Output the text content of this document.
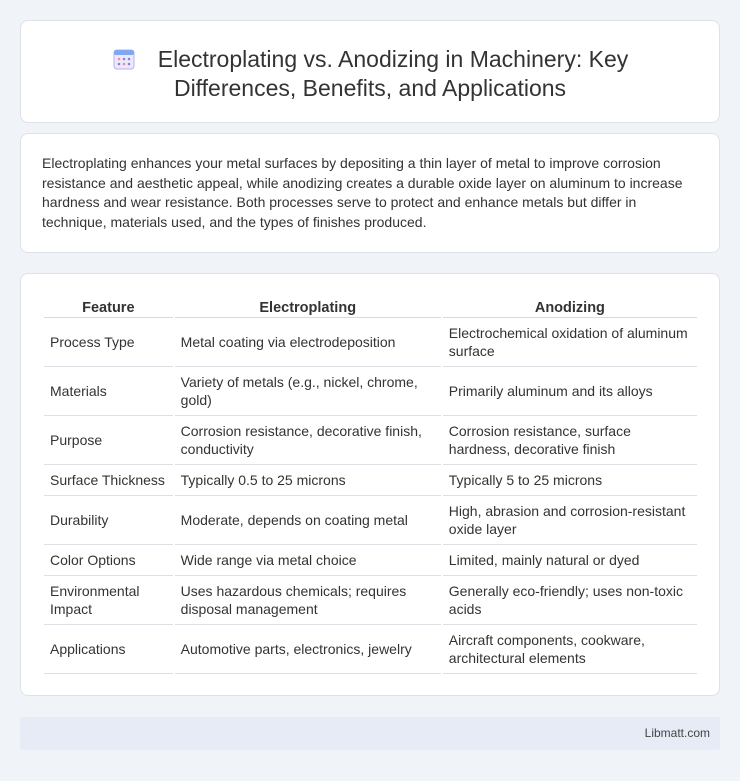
Electroplating vs. Anodizing in Machinery: Key
Differences, Benefits, and Applications

Electroplating enhances your metal surfaces by depositing a thin layer of metal to improve corrosion resistance and aesthetic appeal, while anodizing creates a durable oxide layer on aluminum to increase hardness and wear resistance. Both processes serve to protect and enhance metals but differ in technique, materials used, and the types of finishes produced.

Feature	Electroplating	Anodizing
Process Type	Metal coating via electrodeposition	Electrochemical oxidation of aluminum surface
Materials	Variety of metals (e.g., nickel, chrome, gold)	Primarily aluminum and its alloys
Purpose	Corrosion resistance, decorative finish, conductivity	Corrosion resistance, surface hardness, decorative finish
Surface Thickness	Typically 0.5 to 25 microns	Typically 5 to 25 microns
Durability	Moderate, depends on coating metal	High, abrasion and corrosion-resistant oxide layer
Color Options	Wide range via metal choice	Limited, mainly natural or dyed
Environmental Impact	Uses hazardous chemicals; requires disposal management	Generally eco-friendly; uses non-toxic acids
Applications	Automotive parts, electronics, jewelry	Aircraft components, cookware, architectural elements
Libmatt.com
